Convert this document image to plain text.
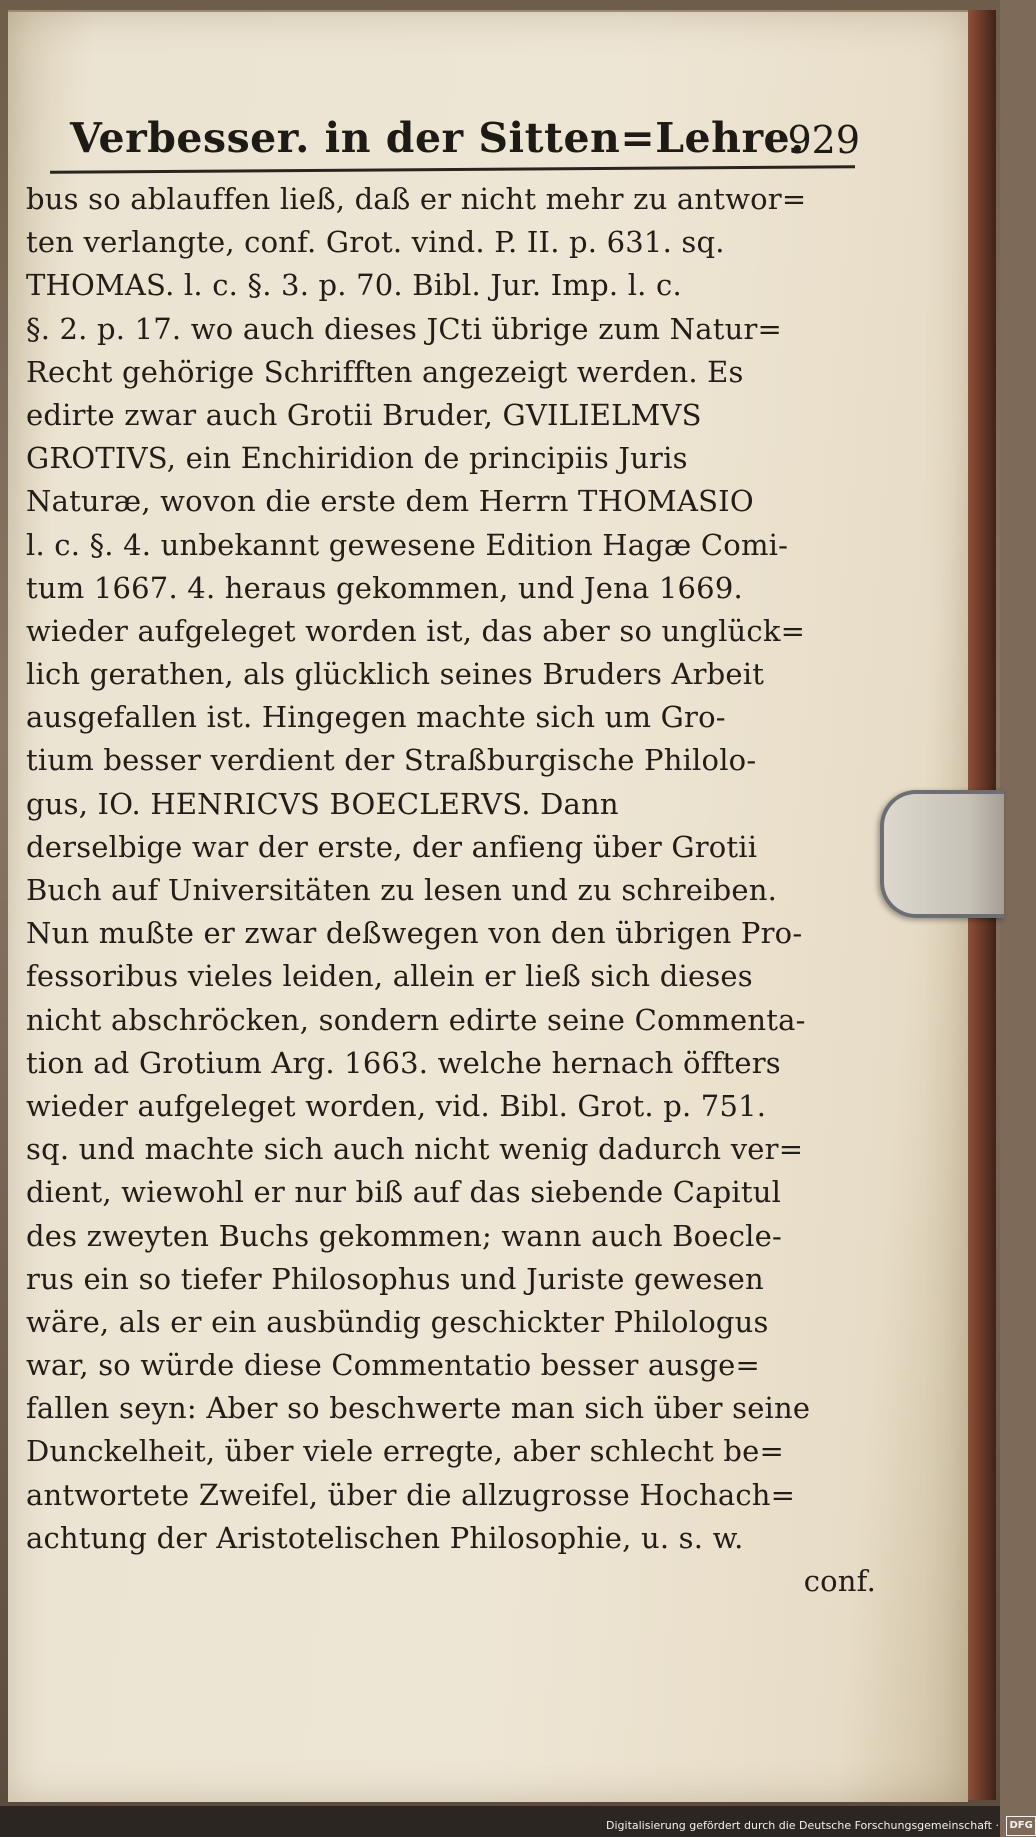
Verbesser. in der Sitten=Lehre.
929
bus so ablauffen ließ, daß er nicht mehr zu antwor=
ten verlangte, conf. Grot. vind. P. II. p. 631. sq.
THOMAS. l. c. §. 3. p. 70. Bibl. Jur. Imp. l. c.
§. 2. p. 17. wo auch dieses JCti übrige zum Natur=
Recht gehörige Schrifften angezeigt werden. Es
edirte zwar auch Grotii Bruder, GVILIELMVS
GROTIVS, ein Enchiridion de principiis Juris
Naturæ, wovon die erste dem Herrn THOMASIO
l. c. §. 4. unbekannt gewesene Edition Hagæ Comi-
tum 1667. 4. heraus gekommen, und Jena 1669.
wieder aufgeleget worden ist, das aber so unglück=
lich gerathen, als glücklich seines Bruders Arbeit
ausgefallen ist. Hingegen machte sich um Gro-
tium besser verdient der Straßburgische Philolo-
gus, IO. HENRICVS BOECLERVS. Dann
derselbige war der erste, der anfieng über Grotii
Buch auf Universitäten zu lesen und zu schreiben.
Nun mußte er zwar deßwegen von den übrigen Pro-
fessoribus vieles leiden, allein er ließ sich dieses
nicht abschröcken, sondern edirte seine Commenta-
tion ad Grotium Arg. 1663. welche hernach öffters
wieder aufgeleget worden, vid. Bibl. Grot. p. 751.
sq. und machte sich auch nicht wenig dadurch ver=
dient, wiewohl er nur biß auf das siebende Capitul
des zweyten Buchs gekommen; wann auch Boecle-
rus ein so tiefer Philosophus und Juriste gewesen
wäre, als er ein ausbündig geschickter Philologus
war, so würde diese Commentatio besser ausge=
fallen seyn: Aber so beschwerte man sich über seine
Dunckelheit, über viele erregte, aber schlecht be=
antwortete Zweifel, über die allzugrosse Hochach=
achtung der Aristotelischen Philosophie, u. s. w.
conf.
Digitalisierung gefördert durch die Deutsche Forschungsgemeinschaft · DFG
